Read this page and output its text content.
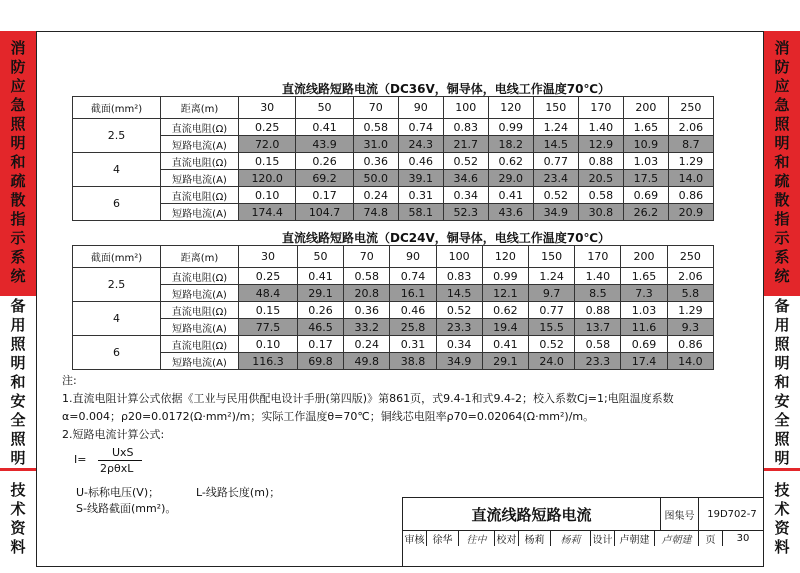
消
防
应
急
照
明
和
疏
散
指
示
系
统
备
用
照
明
和
安
全
照
明
技
术
资
料
消
防
应
急
照
明
和
疏
散
指
示
系
统
备
用
照
明
和
安
全
照
明
技
术
资
料
直流线路短路电流（DC36V，铜导体，电线工作温度70℃）
截面(mm²)	距离(m)	30	50	70	90	100	120	150	170	200	250
2.5	直流电阻(Ω)	0.25	0.41	0.58	0.74	0.83	0.99	1.24	1.40	1.65	2.06
	短路电流(A)	72.0	43.9	31.0	24.3	21.7	18.2	14.5	12.9	10.9	8.7
4	直流电阻(Ω)	0.15	0.26	0.36	0.46	0.52	0.62	0.77	0.88	1.03	1.29
	短路电流(A)	120.0	69.2	50.0	39.1	34.6	29.0	23.4	20.5	17.5	14.0
6	直流电阻(Ω)	0.10	0.17	0.24	0.31	0.34	0.41	0.52	0.58	0.69	0.86
	短路电流(A)	174.4	104.7	74.8	58.1	52.3	43.6	34.9	30.8	26.2	20.9
直流线路短路电流（DC24V，铜导体，电线工作温度70℃）
截面(mm²)	距离(m)	30	50	70	90	100	120	150	170	200	250
2.5	直流电阻(Ω)	0.25	0.41	0.58	0.74	0.83	0.99	1.24	1.40	1.65	2.06
	短路电流(A)	48.4	29.1	20.8	16.1	14.5	12.1	9.7	8.5	7.3	5.8
4	直流电阻(Ω)	0.15	0.26	0.36	0.46	0.52	0.62	0.77	0.88	1.03	1.29
	短路电流(A)	77.5	46.5	33.2	25.8	23.3	19.4	15.5	13.7	11.6	9.3
6	直流电阻(Ω)	0.10	0.17	0.24	0.31	0.34	0.41	0.52	0.58	0.69	0.86
	短路电流(A)	116.3	69.8	49.8	38.8	34.9	29.1	24.0	23.3	17.4	14.0
注:
1.直流电阻计算公式依据《工业与民用供配电设计手册(第四版)》第861页，式9.4-1和式9.4-2；校入系数Cj=1;电阻温度系数
α=0.004；ρ20=0.0172(Ω·mm²)/m；实际工作温度θ=70℃；铜线芯电阻率ρ70=0.02064(Ω·mm²)/m。
2.短路电流计算公式:
I=
UxS
2ρθxL
U-标称电压(V)；	L-线路长度(m)；
S-线路截面(mm²)。	直流线路短路电流	图集号	19D702-7
审核 徐华	往中	校对 杨莉	杨莉	设计 卢朝建	卢朝建	页	30
